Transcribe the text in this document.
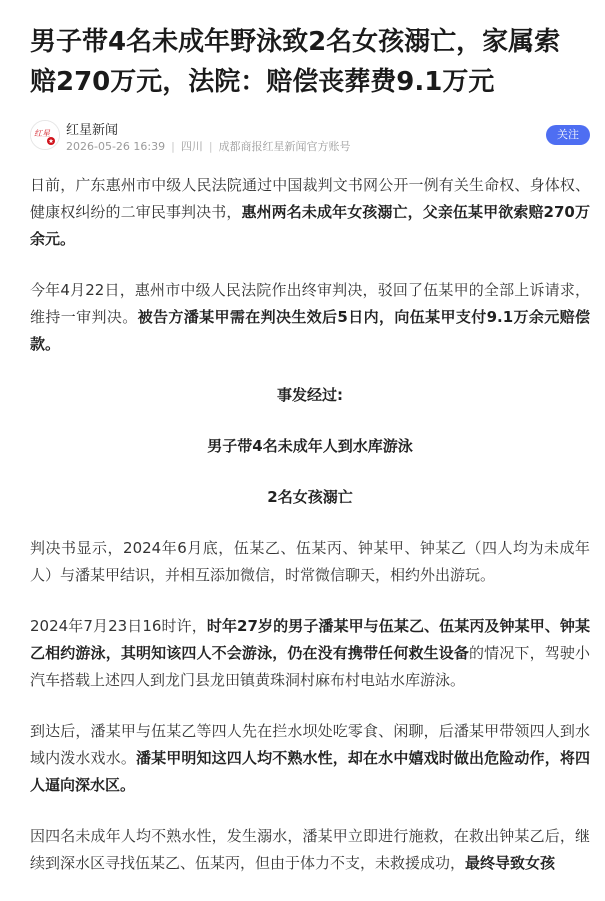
男子带4名未成年野泳致2名女孩溺亡，家属索赔270万元，法院：赔偿丧葬费9.1万元
红星 红星新闻
2026-05-26 16:39 | 四川 | 成都商报红星新闻官方账号
关注

日前，广东惠州市中级人民法院通过中国裁判文书网公开一例有关生命权、身体权、健康权纠纷的二审民事判决书，惠州两名未成年女孩溺亡，父亲伍某甲欲索赔270万余元。

今年4月22日，惠州市中级人民法院作出终审判决，驳回了伍某甲的全部上诉请求，维持一审判决。被告方潘某甲需在判决生效后5日内，向伍某甲支付9.1万余元赔偿款。

事发经过:

男子带4名未成年人到水库游泳

2名女孩溺亡

判决书显示，2024年6月底，伍某乙、伍某丙、钟某甲、钟某乙（四人均为未成年人）与潘某甲结识，并相互添加微信，时常微信聊天，相约外出游玩。

2024年7月23日16时许，时年27岁的男子潘某甲与伍某乙、伍某丙及钟某甲、钟某乙相约游泳，其明知该四人不会游泳，仍在没有携带任何救生设备的情况下，驾驶小汽车搭载上述四人到龙门县龙田镇黄珠洞村麻布村电站水库游泳。

到达后，潘某甲与伍某乙等四人先在拦水坝处吃零食、闲聊，后潘某甲带领四人到水域内泼水戏水。潘某甲明知这四人均不熟水性，却在水中嬉戏时做出危险动作，将四人逼向深水区。

因四名未成年人均不熟水性，发生溺水，潘某甲立即进行施救，在救出钟某乙后，继续到深水区寻找伍某乙、伍某丙，但由于体力不支，未救援成功，最终导致女孩
